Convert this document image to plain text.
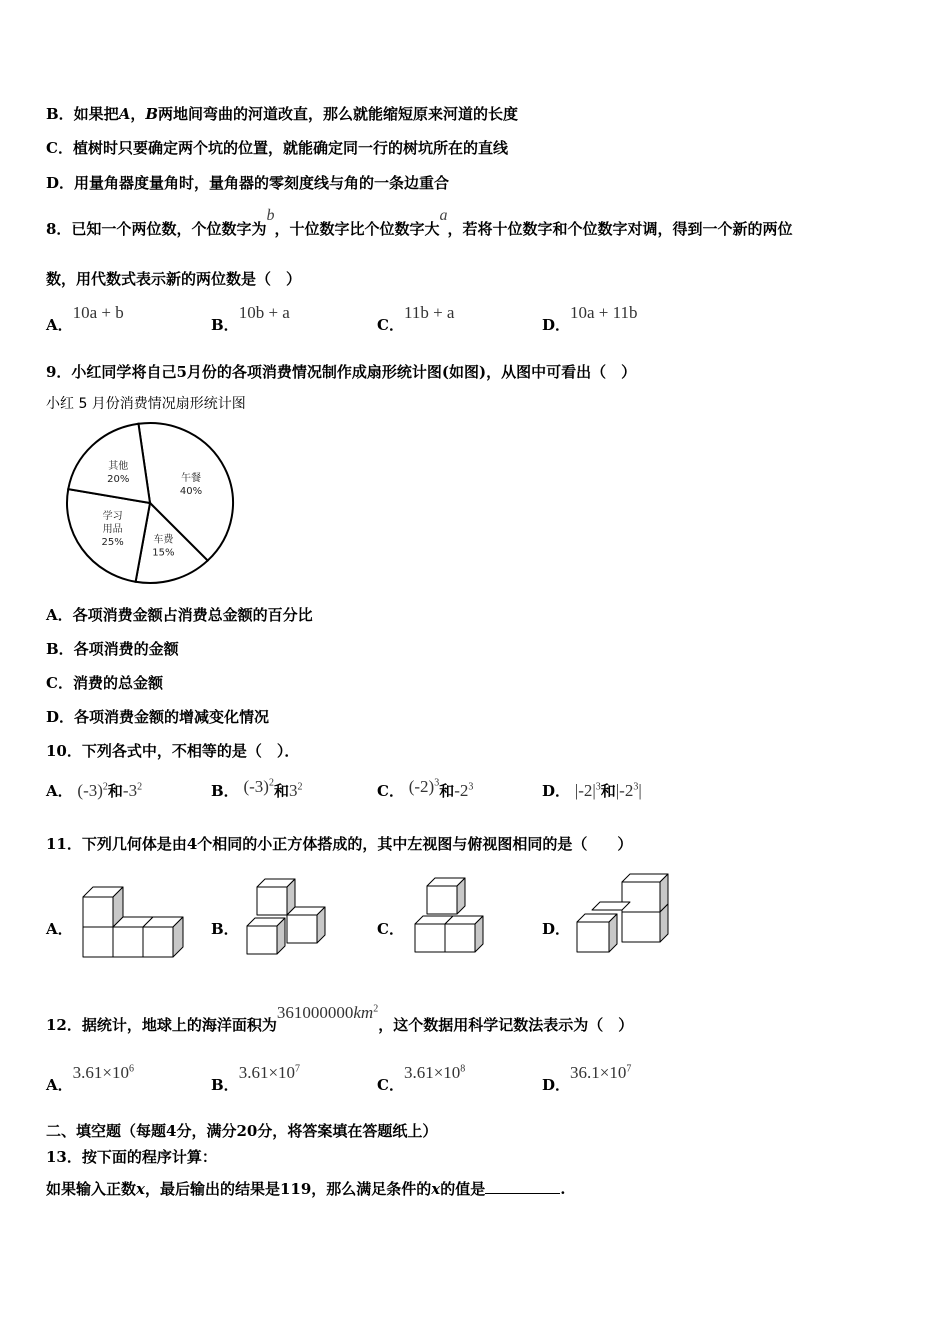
B．如果把A，B两地间弯曲的河道改直，那么就能缩短原来河道的长度
C．植树时只要确定两个坑的位置，就能确定同一行的树坑所在的直线
D．用量角器度量角时，量角器的零刻度线与角的一条边重合
8．已知一个两位数，个位数字为b，十位数字比个位数字大a，若将十位数字和个位数字对调，得到一个新的两位
数，用代数式表示新的两位数是（　）
A．10a + b
B．10b + a
C．11b + a
D．10a + 11b
9．小红同学将自己5月份的各项消费情况制作成扇形统计图(如图)，从图中可看出（　）
小红 5 月份消费情况扇形统计图
午餐
40%
车费
15%
学习
用品
25%
其他
20%
A．各项消费金额占消费总金额的百分比
B．各项消费的金额
C．消费的总金额
D．各项消费金额的增减变化情况
10．下列各式中，不相等的是（　）．
A． $(-3)^2$和$-3^2$	B． $(-3)^2$和$3^2$	C． $(-2)^3$和$-2^3$	D． $|-2|^3$和$|-2^3|$
11．下列几何体是由4个相同的小正方体搭成的，其中左视图与俯视图相同的是（　　）
A．	B．	C．	D．
12．据统计，地球上的海洋面积为$361000000km^2$，这个数据用科学记数法表示为（　）
A．$3.61\times 10^6$
B．$3.61\times 10^7$
C．$3.61\times 10^8$
D．$36.1\times 10^7$
二、填空题（每题4分，满分20分，将答案填在答题纸上）
13．按下面的程序计算：
如果输入正数x，最后输出的结果是119，那么满足条件的x的值是	.
